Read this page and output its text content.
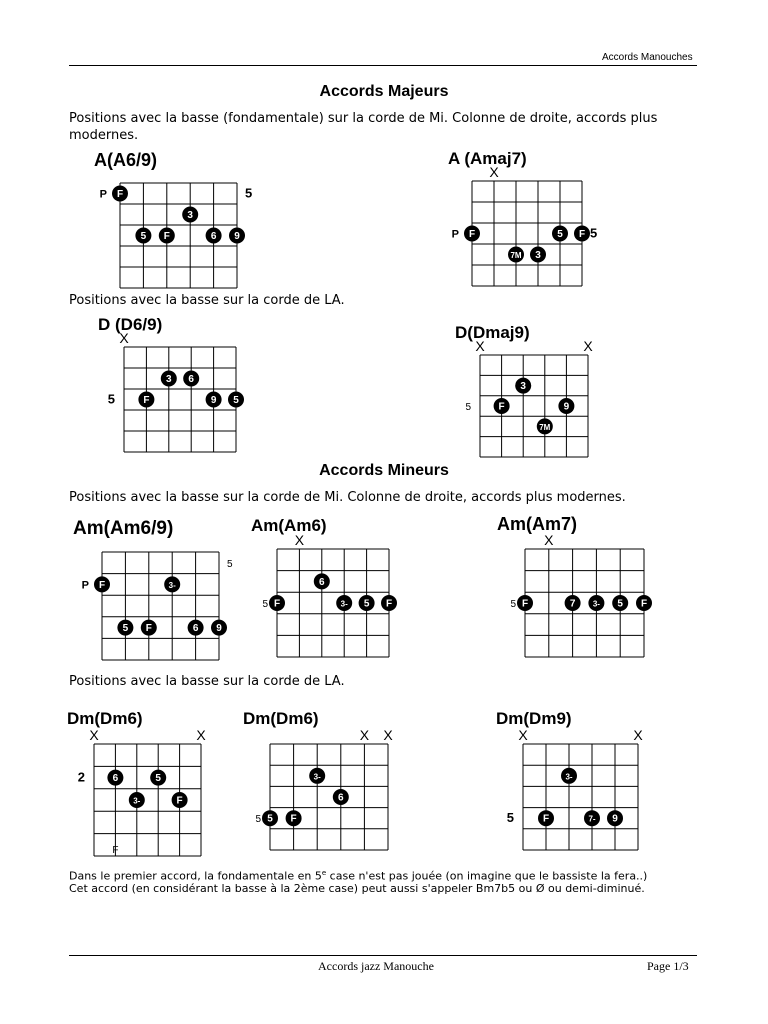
Accords Manouches
Accords Majeurs
Positions avec la basse (fondamentale) sur la corde de Mi. Colonne de droite, accords plus modernes.
Positions avec la basse sur la corde de LA.
Accords Mineurs
Positions avec la basse sur la corde de Mi. Colonne de droite, accords plus modernes.
Positions avec la basse sur la corde de LA.
Dans le premier accord, la fondamentale en 5e case n'est pas jouée (on imagine que le bassiste la fera..)
Cet accord (en considérant la basse à la 2ème case) peut aussi s'appeler Bm7b5 ou Ø ou demi-diminué.
Accords jazz Manouche	Page 1/3
A(A6/9)
5
P F
3
5 F	6 9
A (Amaj7)
X
5
P F	5 F
7M 3
D (D6/9)
X
5
3 6
F	9 5
D(Dmaj9)
X	X
5
3
F	9
7M
Am(Am6/9)
5
P F	3-
5 F	6 9
Am(Am6)
X
5
6
F	3- 5 F
Am(Am7)
X
5 F	7 3- 5 F
Dm(Dm6)
X	X
2	6	5
3-	F
F
Dm(Dm6)
X X
5
3-
6
5 F
Dm(Dm9)
X	X
5
3-
F	7- 9
